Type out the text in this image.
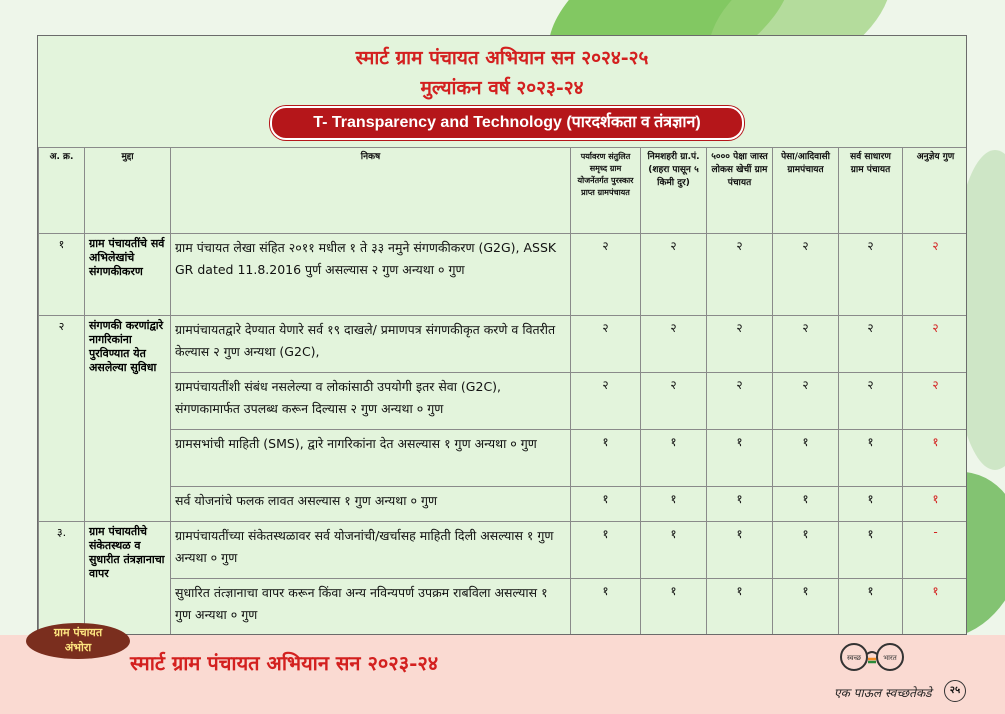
स्मार्ट ग्राम पंचायत अभियान सन २०२४-२५
मुल्यांकन वर्ष २०२३-२४
T- Transparency and Technology (पारदर्शकता व तंत्रज्ञान)
अ. क्र.	मुद्दा	निकष	पर्यावरण संतुलित समृध्द ग्राम योजनेंतर्गत पुरस्कार प्राप्त ग्रामपंचायत	निमशहरी ग्रा.पं. (शहरा पासून ५ किमी दुर)	५००० पेक्षा जास्त लोकस खेचीं ग्राम पंचायत	पेसा/आदिवासी ग्रामपंचायत	सर्व साधारण ग्राम पंचायत	अनुज्ञेय गुण
१	ग्राम पंचायतींचे सर्व अभिलेखांचे संगणकीकरण	ग्राम पंचायत लेखा संहित २०११ मधील १ ते ३३ नमुने संगणकीकरण (G2G), ASSK GR dated 11.8.2016 पुर्ण असल्यास २ गुण अन्यथा ० गुण	२	२	२	२	२	२
२	संगणकी करणांद्वारे नागरिकांना पुरविण्यात येत असलेल्या सुविधा	ग्रामपंचायतद्वारे देण्यात येणारे सर्व १९ दाखले/ प्रमाणपत्र संगणकीकृत करणे व वितरीत केल्यास २ गुण अन्यथा (G2C),	२	२	२	२	२	२
		ग्रामपंचायतींशी संबंध नसलेल्या व लोकांसाठी उपयोगी इतर सेवा (G2C), संगणकामार्फत उपलब्ध करून दिल्यास २ गुण अन्यथा ० गुण	२	२	२	२	२	२
		ग्रामसभांची माहिती (SMS), द्वारे नागरिकांना देत असल्यास १ गुण अन्यथा ० गुण	१	१	१	१	१	१
		सर्व योजनांचे फलक लावत असल्यास १ गुण अन्यथा ० गुण	१	१	१	१	१	१
३.	ग्राम पंचायतीचे संकेतस्थळ व सुधारीत तंत्रज्ञानाचा वापर	ग्रामपंचायतींच्या संकेतस्थळावर सर्व योजनांची/खर्चासह माहिती दिली असल्यास १ गुण अन्यथा ० गुण	१	१	१	१	१	-
		सुधारित तंत्ज्ञानाचा वापर करून किंवा अन्य नविन्यपर्ण उपक्रम राबविला असल्यास १ गुण अन्यथा ० गुण	१	१	१	१	१	१
स्मार्ट ग्राम पंचायत अभियान सन २०२३-२४
ग्राम पंचायत
अंभोरा
स्वच्छ	भारत
एक पाऊल स्वच्छतेकडे	२५
